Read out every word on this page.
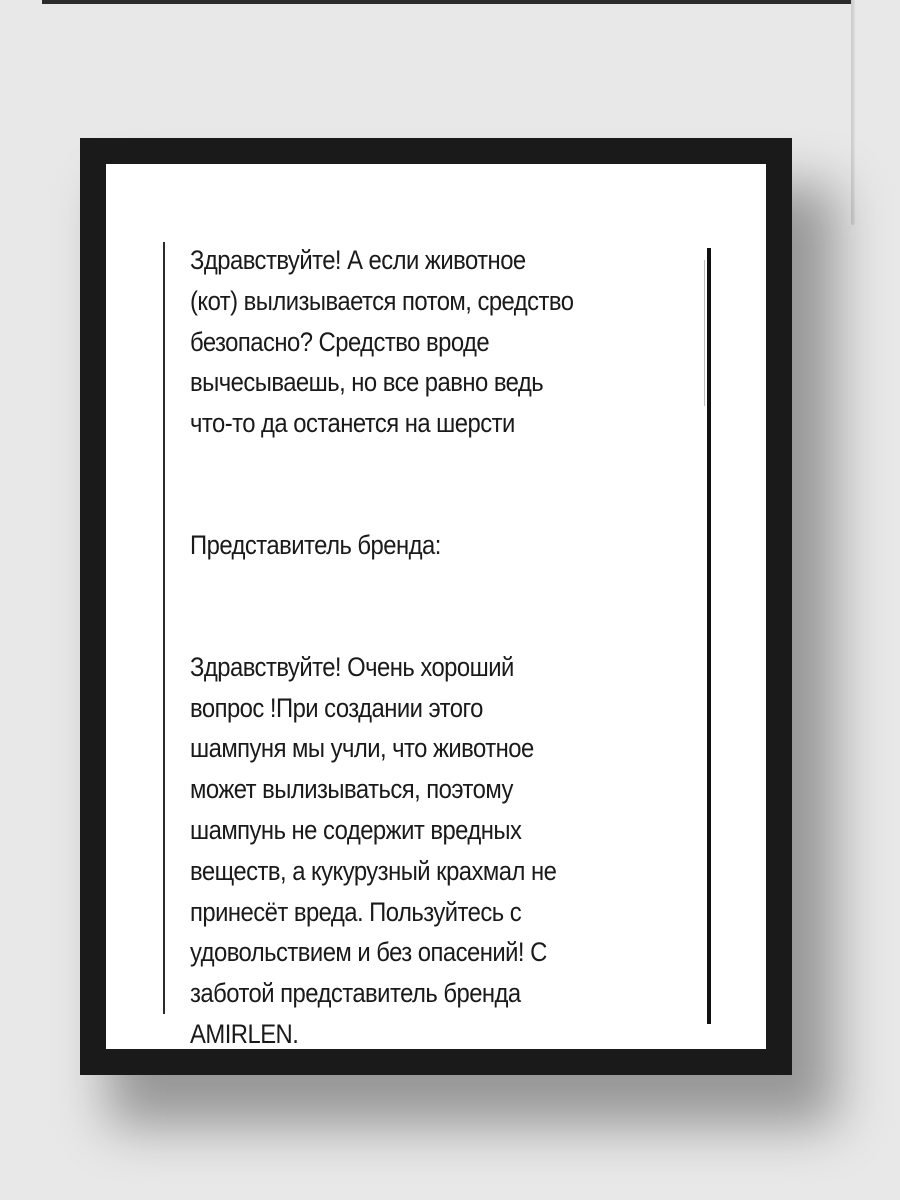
Здравствуйте! А если животное
(кот) вылизывается потом, средство
безопасно? Средство вроде
вычесываешь, но все равно ведь
что-то да останется на шерсти

Представитель бренда:

Здравствуйте! Очень хороший
вопрос !При создании этого
шампуня мы учли, что животное
может вылизываться, поэтому
шампунь не содержит вредных
веществ, а кукурузный крахмал не
принесёт вреда. Пользуйтесь с
удовольствием и без опасений! С
заботой представитель бренда
AMIRLEN.
